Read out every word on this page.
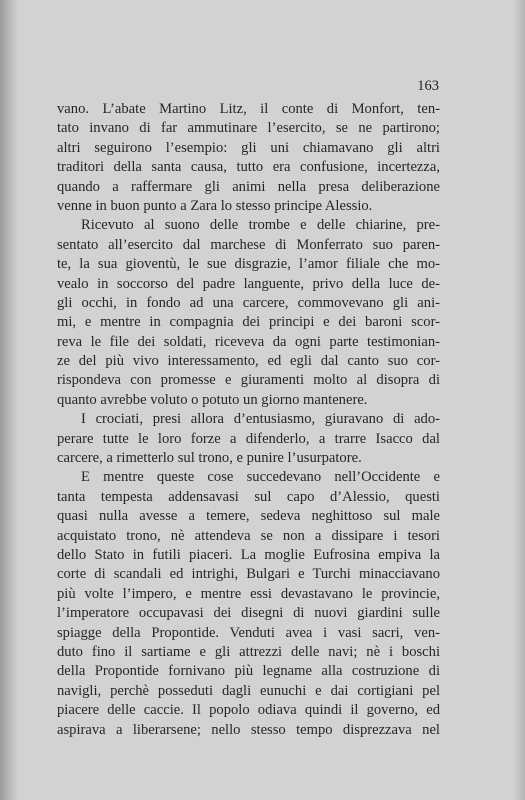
163
vano. L’abate Martino Litz, il conte di Monfort, ten-
tato invano di far ammutinare l’esercito, se ne partirono;
altri seguirono l’esempio: gli uni chiamavano gli altri
traditori della santa causa, tutto era confusione, incertezza,
quando a raffermare gli animi nella presa deliberazione
venne in buon punto a Zara lo stesso principe Alessio.
Ricevuto al suono delle trombe e delle chiarine, pre-
sentato all’esercito dal marchese di Monferrato suo paren-
te, la sua gioventù, le sue disgrazie, l’amor filiale che mo-
vealo in soccorso del padre languente, privo della luce de-
gli occhi, in fondo ad una carcere, commovevano gli ani-
mi, e mentre in compagnia dei principi e dei baroni scor-
reva le file dei soldati, riceveva da ogni parte testimonian-
ze del più vivo interessamento, ed egli dal canto suo cor-
rispondeva con promesse e giuramenti molto al disopra di
quanto avrebbe voluto o potuto un giorno mantenere.
I crociati, presi allora d’entusiasmo, giuravano di ado-
perare tutte le loro forze a difenderlo, a trarre Isacco dal
carcere, a rimetterlo sul trono, e punire l’usurpatore.
E mentre queste cose succedevano nell’Occidente e
tanta tempesta addensavasi sul capo d’Alessio, questi
quasi nulla avesse a temere, sedeva neghittoso sul male
acquistato trono, nè attendeva se non a dissipare i tesori
dello Stato in futili piaceri. La moglie Eufrosina empiva la
corte di scandali ed intrighi, Bulgari e Turchi minacciavano
più volte l’impero, e mentre essi devastavano le provincie,
l’imperatore occupavasi dei disegni di nuovi giardini sulle
spiagge della Propontide. Venduti avea i vasi sacri, ven-
duto fino il sartiame e gli attrezzi delle navi; nè i boschi
della Propontide fornivano più legname alla costruzione di
navigli, perchè posseduti dagli eunuchi e dai cortigiani pel
piacere delle caccie. Il popolo odiava quindi il governo, ed
aspirava a liberarsene; nello stesso tempo disprezzava nel
